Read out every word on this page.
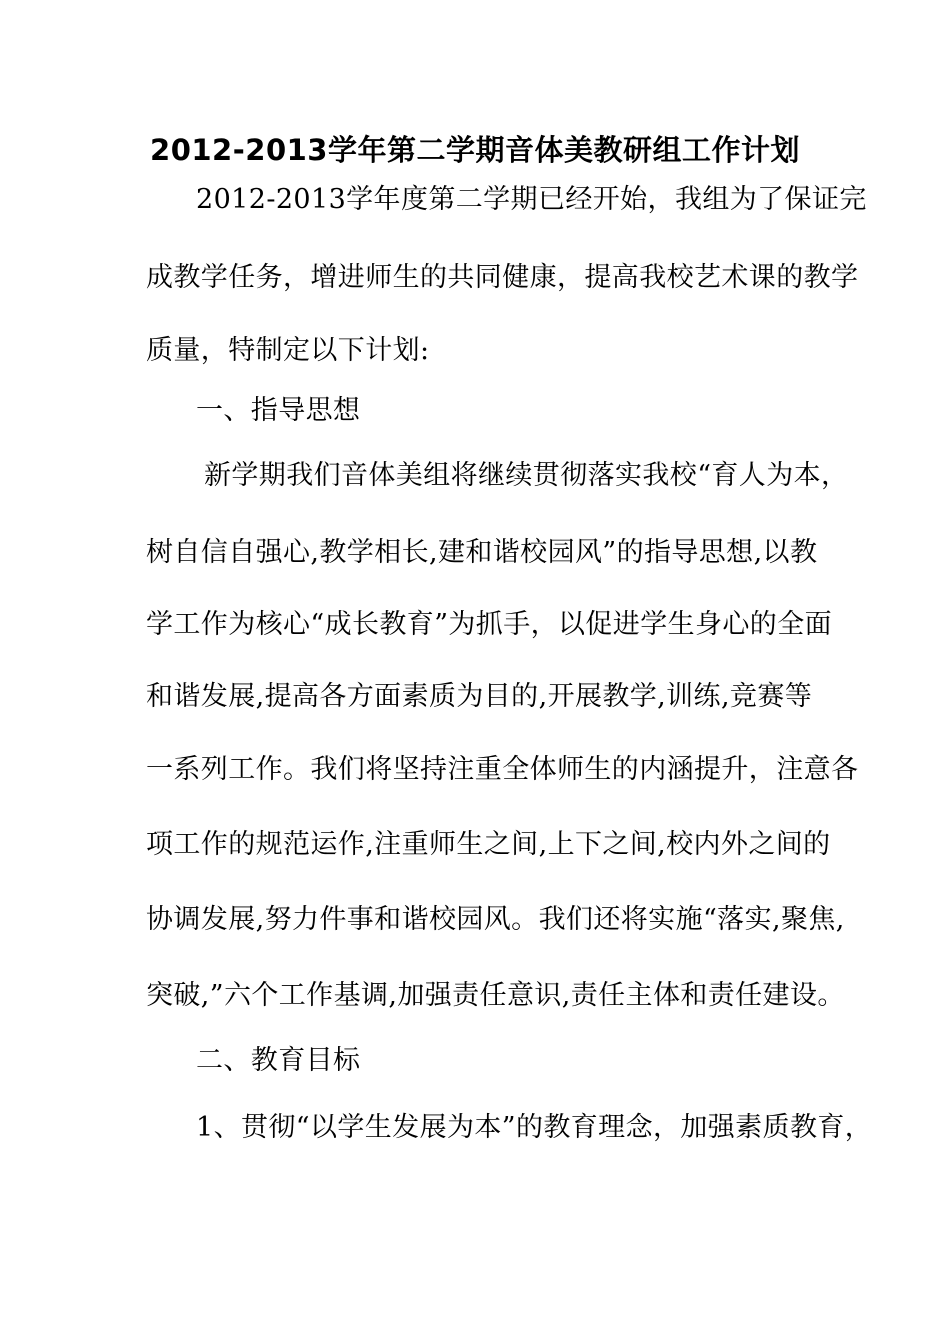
2012-2013学年第二学期音体美教研组工作计划
2012-2013学年度第二学期已经开始，我组为了保证完
成教学任务，增进师生的共同健康，提高我校艺术课的教学
质量，特制定以下计划:
一、指导思想
新学期我们音体美组将继续贯彻落实我校“育人为本，
树自信自强心,教学相长,建和谐校园风”的指导思想,以教
学工作为核心“成长教育”为抓手，以促进学生身心的全面
和谐发展,提高各方面素质为目的,开展教学,训练,竞赛等
一系列工作。我们将坚持注重全体师生的内涵提升，注意各
项工作的规范运作,注重师生之间,上下之间,校内外之间的
协调发展,努力件事和谐校园风。我们还将实施“落实,聚焦,
突破,”六个工作基调,加强责任意识,责任主体和责任建设。
二、教育目标
1、贯彻“以学生发展为本”的教育理念，加强素质教育，
